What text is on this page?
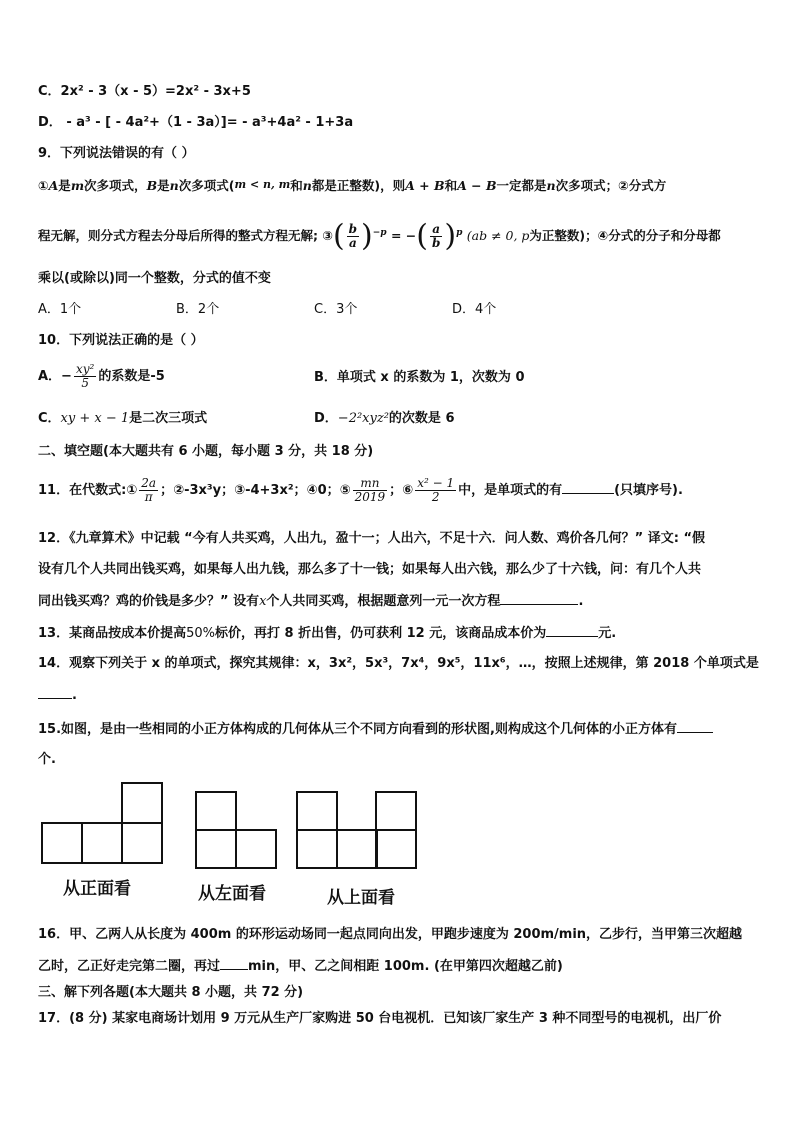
C．2x² - 3（x - 5）=2x² - 3x+5
D． - a³ - [ - 4a²+（1 - 3a）]= - a³+4a² - 1+3a
9．下列说法错误的有（ ）
①A是m次多项式，B是n次多项式(m < n, m和n都是正整数)，则A + B和A − B一定都是n次多项式；②分式方
程无解，则分式方程去分母后所得的整式方程无解; ③( $\frac{b}{a} )^{-p}$ = −( $\frac{a}{b} )^p$ (ab ≠ 0, p为正整数)；④分式的分子和分母都
乘以(或除以)同一个整数，分式的值不变
A．1个	B．2个	C．3个	D．4个
10．下列说法正确的是（ ）
A．− $\frac{\text{xy²}}{5}$ 的系数是-5	B．单项式 x 的系数为 1，次数为 0
C．xy + x − 1是二次三项式	D．−2²xyz²的次数是 6
二、填空题(本大题共有 6 小题，每小题 3 分，共 18 分)
11．在代数式:① $\frac{2a}{\pi}$ ；②-3x³y；③-4+3x²；④0；⑤ $\frac{mn}{2019}$ ；⑥ $\frac{\text{x² − 1}}{2}$ 中，是单项式的有	(只填序号).
12．《九章算术》中记载 “今有人共买鸡，人出九，盈十一；人出六，不足十六．问人数、鸡价各几何？” 译文: “假
设有几个人共同出钱买鸡，如果每人出九钱，那么多了十一钱；如果每人出六钱，那么少了十六钱，问：有几个人共
同出钱买鸡？鸡的价钱是多少？” 设有x个人共同买鸡，根据题意列一元一次方程	.
13．某商品按成本价提高50%标价，再打 8 折出售，仍可获利 12 元，该商品成本价为	元.
14．观察下列关于 x 的单项式，探究其规律：x，3x²，5x³，7x⁴，9x⁵，11x⁶，…，按照上述规律，第 2018 个单项式是
.
15.如图，是由一些相同的小正方体构成的几何体从三个不同方向看到的形状图,则构成这个几何体的小正方体有
个.
从正面看	从左面看	从上面看
16．甲、乙两人从长度为 400m 的环形运动场同一起点同向出发，甲跑步速度为 200m/min，乙步行，当甲第三次超越
乙时，乙正好走完第二圈，再过 min，甲、乙之间相距 100m. (在甲第四次超越乙前)
三、解下列各题(本大题共 8 小题，共 72 分)
17．(8 分) 某家电商场计划用 9 万元从生产厂家购进 50 台电视机．已知该厂家生产 3 种不同型号的电视机，出厂价
